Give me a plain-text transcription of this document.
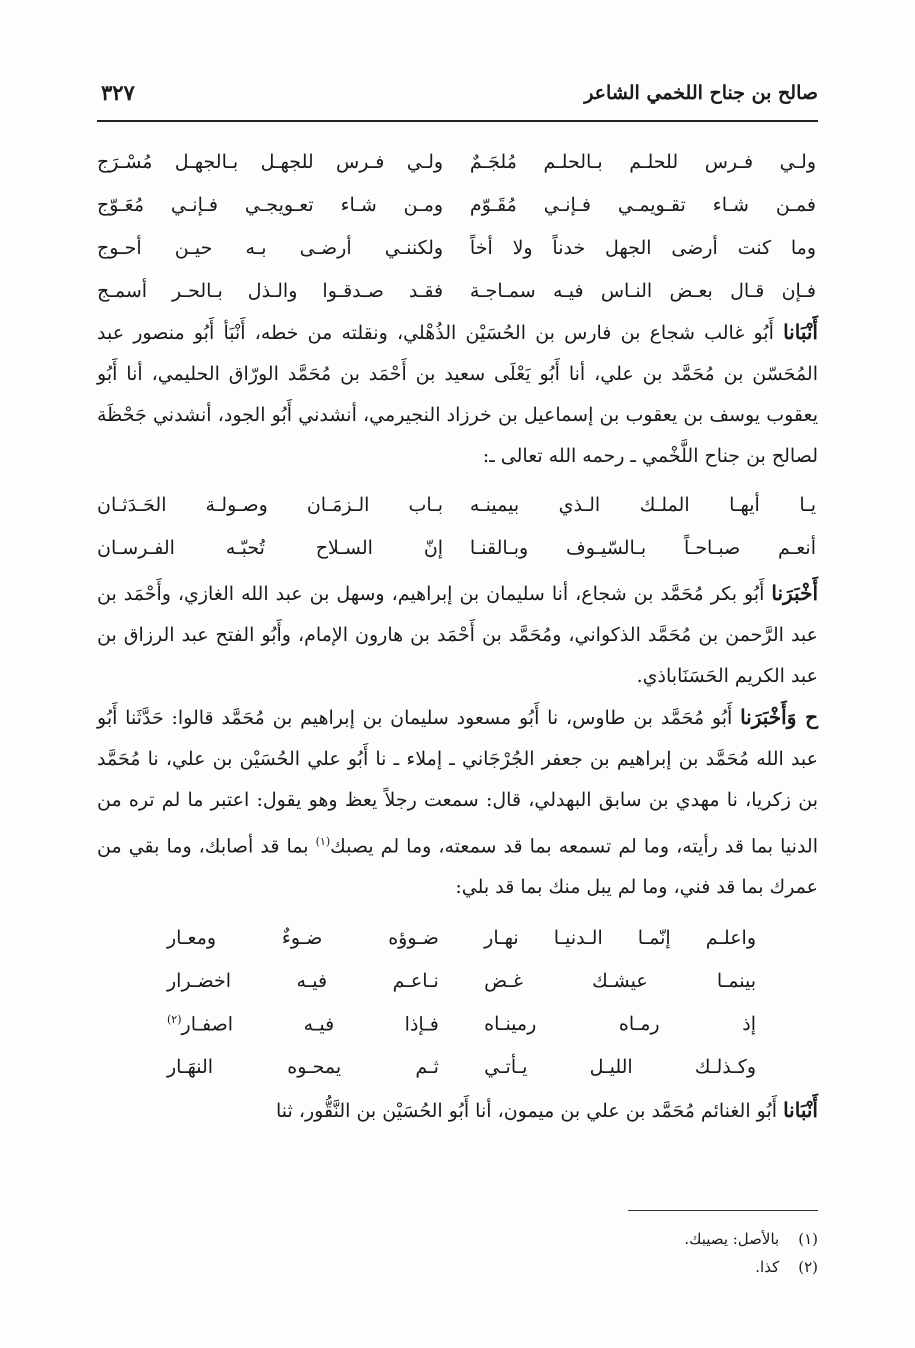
صالح بن جناح اللخمي الشاعر
٣٢٧
ولـي فـرس للحلـم بـالحلـم مُلجَـمٌ
ولـي فـرس للجهـل بـالجهـل مُسْـرَج
فمـن شـاء تقـويمـي فـإنـي مُقَـوّم
ومـن شـاء تعـويجـي فـإنـي مُعَـوّج
وما كنت أرضى الجهل خدناً ولا أخاً
ولكننـي أرضـى بـه حيـن أحـوج
فـإن قـال بعـض النـاس فيـه سمـاجـة
فقـد صـدقـوا والـذل بـالحـر أسمـج

أَنْبَانا أَبُو غالب شجاع بن فارس بن الحُسَيْن الذُهْلي، ونقلته من خطه، أَنْبَأ أَبُو منصور عبد المُحَسّن بن مُحَمَّد بن علي، أنا أَبُو يَعْلَى سعيد بن أَحْمَد بن مُحَمَّد الورّاق الحليمي، أنا أَبُو يعقوب يوسف بن يعقوب بن إسماعيل بن خرزاد النجيرمي، أنشدني أَبُو الجود، أنشدني جَحْظَة لصالح بن جناح اللَّخْمي ـ رحمه الله تعالى ـ:

يـا أيهـا الملـك الـذي بيمينـه
بـاب الـزمَـان وصـولـة الحَـدَثـان
أنعـم صبـاحـاً بـالسّيـوف وبـالقنـا
إنّ السـلاح تُحبّـه الفـرسـان

أَخْبَرَنا أَبُو بكر مُحَمَّد بن شجاع، أنا سليمان بن إبراهيم، وسهل بن عبد الله الغازي، وأَحْمَد بن عبد الرَّحمن بن مُحَمَّد الذكواني، ومُحَمَّد بن أَحْمَد بن هارون الإمام، وأَبُو الفتح عبد الرزاق بن عبد الكريم الحَسَنَاباذي.

ح وَأَخْبَرَنا أَبُو مُحَمَّد بن طاوس، نا أَبُو مسعود سليمان بن إبراهيم بن مُحَمَّد قالوا: حَدَّثَنا أَبُو عبد الله مُحَمَّد بن إبراهيم بن جعفر الجُرْجَاني ـ إملاء ـ نا أَبُو علي الحُسَيْن بن علي، نا مُحَمَّد بن زكريا، نا مهدي بن سابق البهدلي، قال: سمعت رجلاً يعظ وهو يقول: اعتبر ما لم تره من الدنيا بما قد رأيته، وما لم تسمعه بما قد سمعته، وما لم يصبك$^{(١)}$ بما قد أصابك، وما بقي من عمرك بما قد فني، وما لم يبل منك بما قد بلي:

واعلـم إنّمـا الـدنيـا نهـار
ضـوؤه ضـوءٌ ومعـار
بينمـا عيشـك غـض
نـاعـم فيـه اخضـرار
إذ رمـاه رمينـاه
فـإذا فيـه اصفـار$^{(٢)}$
وكـذلـك الليـل يـأتـي
ثـم يمحـوه النهَـار

أَنْبَانا أَبُو الغنائم مُحَمَّد بن علي بن ميمون، أنا أَبُو الحُسَيْن بن النَّقُّور، ثنا

(١) بالأصل: يصيبك.
(٢) كذا.
